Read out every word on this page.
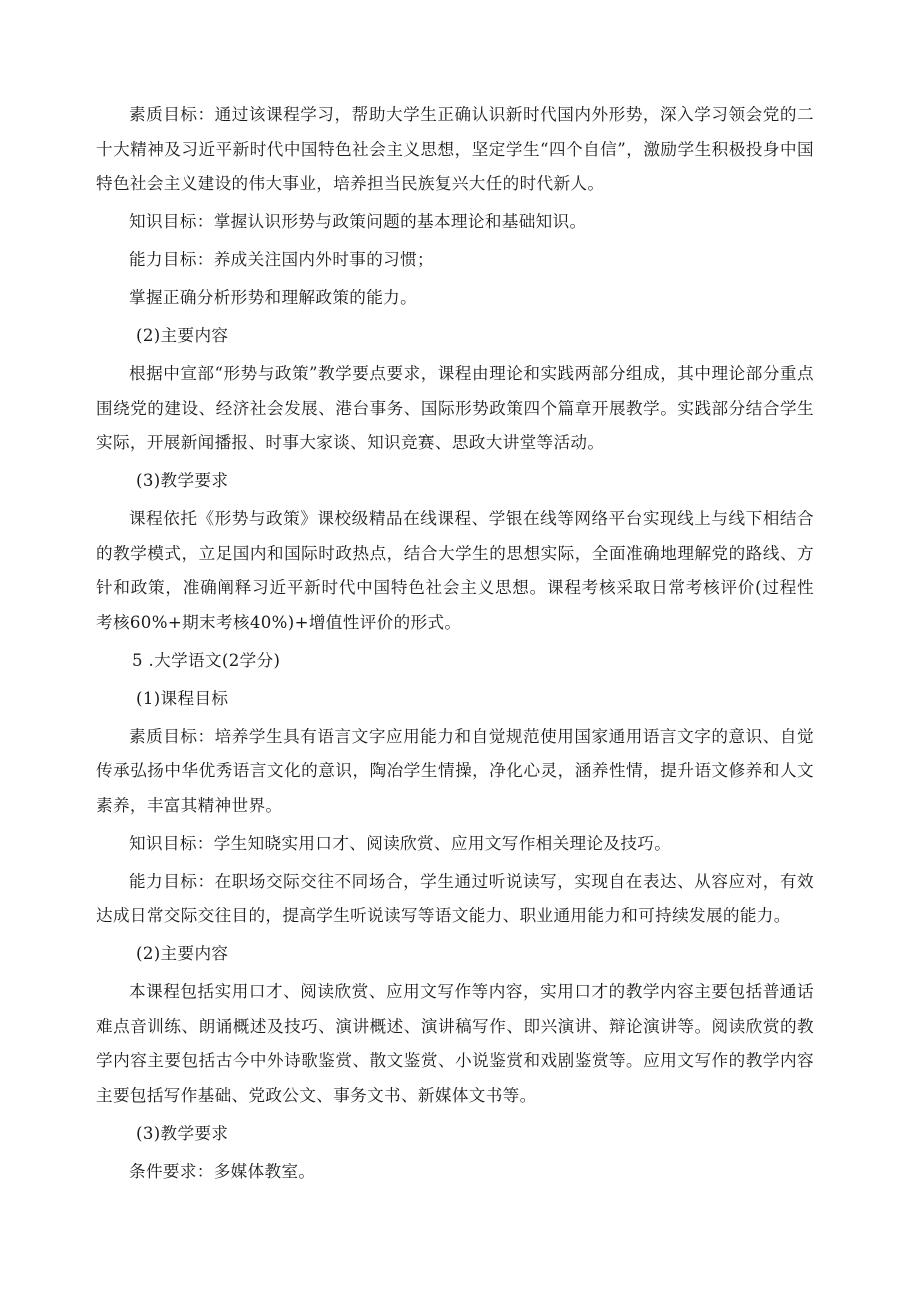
素质目标：通过该课程学习，帮助大学生正确认识新时代国内外形势，深入学习领会党的二十大精神及习近平新时代中国特色社会主义思想，坚定学生“四个自信”，激励学生积极投身中国特色社会主义建设的伟大事业，培养担当民族复兴大任的时代新人。

知识目标：掌握认识形势与政策问题的基本理论和基础知识。

能力目标：养成关注国内外时事的习惯；

掌握正确分析形势和理解政策的能力。

(2)主要内容

根据中宣部“形势与政策”教学要点要求，课程由理论和实践两部分组成，其中理论部分重点围绕党的建设、经济社会发展、港台事务、国际形势政策四个篇章开展教学。实践部分结合学生实际，开展新闻播报、时事大家谈、知识竞赛、思政大讲堂等活动。

(3)教学要求

课程依托《形势与政策》课校级精品在线课程、学银在线等网络平台实现线上与线下相结合的教学模式，立足国内和国际时政热点，结合大学生的思想实际，全面准确地理解党的路线、方针和政策，准确阐释习近平新时代中国特色社会主义思想。课程考核采取日常考核评价(过程性考核60%+期末考核40%)+增值性评价的形式。

5 .大学语文(2学分)

(1)课程目标

素质目标：培养学生具有语言文字应用能力和自觉规范使用国家通用语言文字的意识、自觉传承弘扬中华优秀语言文化的意识，陶冶学生情操，净化心灵，涵养性情，提升语文修养和人文素养，丰富其精神世界。

知识目标：学生知晓实用口才、阅读欣赏、应用文写作相关理论及技巧。

能力目标：在职场交际交往不同场合，学生通过听说读写，实现自在表达、从容应对，有效达成日常交际交往目的，提高学生听说读写等语文能力、职业通用能力和可持续发展的能力。

(2)主要内容

本课程包括实用口才、阅读欣赏、应用文写作等内容，实用口才的教学内容主要包括普通话难点音训练、朗诵概述及技巧、演讲概述、演讲稿写作、即兴演讲、辩论演讲等。阅读欣赏的教学内容主要包括古今中外诗歌鉴赏、散文鉴赏、小说鉴赏和戏剧鉴赏等。应用文写作的教学内容主要包括写作基础、党政公文、事务文书、新媒体文书等。

(3)教学要求

条件要求：多媒体教室。
